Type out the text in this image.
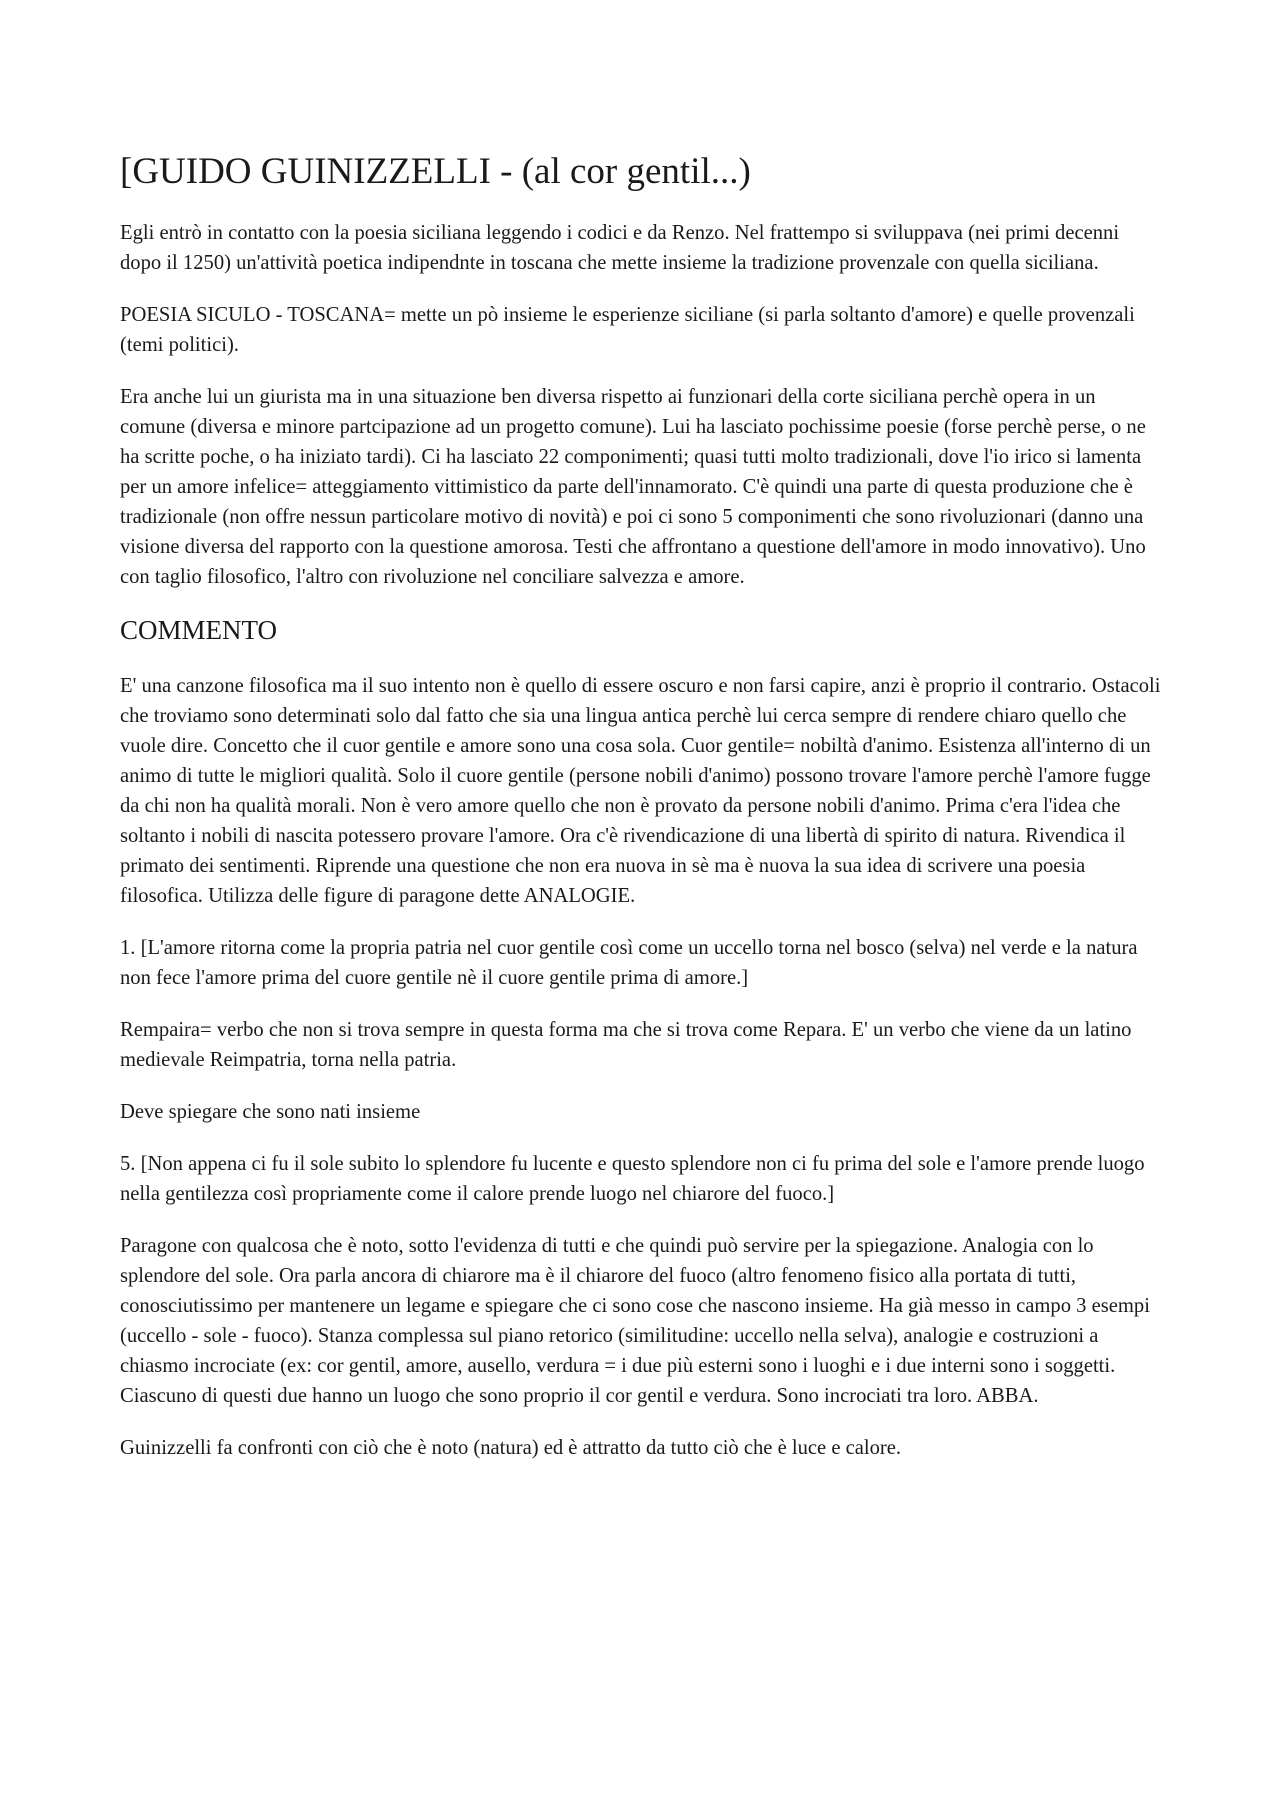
[GUIDO GUINIZZELLI - (al cor gentil...)

Egli entrò in contatto con la poesia siciliana leggendo i codici e da Renzo. Nel frattempo si sviluppava (nei primi decenni dopo il 1250) un'attività poetica indipendnte in toscana che mette insieme la tradizione provenzale con quella siciliana.

POESIA SICULO - TOSCANA= mette un pò insieme le esperienze siciliane (si parla soltanto d'amore) e quelle provenzali (temi politici).

Era anche lui un giurista ma in una situazione ben diversa rispetto ai funzionari della corte siciliana perchè opera in un comune (diversa e minore partcipazione ad un progetto comune). Lui ha lasciato pochissime poesie (forse perchè perse, o ne ha scritte poche, o ha iniziato tardi). Ci ha lasciato 22 componimenti; quasi tutti molto tradizionali, dove l'io irico si lamenta per un amore infelice= atteggiamento vittimistico da parte dell'innamorato. C'è quindi una parte di questa produzione che è tradizionale (non offre nessun particolare motivo di novità) e poi ci sono 5 componimenti che sono rivoluzionari (danno una visione diversa del rapporto con la questione amorosa. Testi che affrontano a questione dell'amore in modo innovativo). Uno con taglio filosofico, l'altro con rivoluzione nel conciliare salvezza e amore.

COMMENTO

E' una canzone filosofica ma il suo intento non è quello di essere oscuro e non farsi capire, anzi è proprio il contrario. Ostacoli che troviamo sono determinati solo dal fatto che sia una lingua antica perchè lui cerca sempre di rendere chiaro quello che vuole dire. Concetto che il cuor gentile e amore sono una cosa sola. Cuor gentile= nobiltà d'animo. Esistenza all'interno di un animo di tutte le migliori qualità. Solo il cuore gentile (persone nobili d'animo) possono trovare l'amore perchè l'amore fugge da chi non ha qualità morali. Non è vero amore quello che non è provato da persone nobili d'animo. Prima c'era l'idea che soltanto i nobili di nascita potessero provare l'amore. Ora c'è rivendicazione di una libertà di spirito di natura. Rivendica il primato dei sentimenti. Riprende una questione che non era nuova in sè ma è nuova la sua idea di scrivere una poesia filosofica. Utilizza delle figure di paragone dette ANALOGIE.

1. [L'amore ritorna come la propria patria nel cuor gentile così come un uccello torna nel bosco (selva) nel verde e la natura non fece l'amore prima del cuore gentile nè il cuore gentile prima di amore.]

Rempaira= verbo che non si trova sempre in questa forma ma che si trova come Repara. E' un verbo che viene da un latino medievale Reimpatria, torna nella patria.

Deve spiegare che sono nati insieme

5. [Non appena ci fu il sole subito lo splendore fu lucente e questo splendore non ci fu prima del sole e l'amore prende luogo nella gentilezza così propriamente come il calore prende luogo nel chiarore del fuoco.]

Paragone con qualcosa che è noto, sotto l'evidenza di tutti e che quindi può servire per la spiegazione. Analogia con lo splendore del sole. Ora parla ancora di chiarore ma è il chiarore del fuoco (altro fenomeno fisico alla portata di tutti, conosciutissimo per mantenere un legame e spiegare che ci sono cose che nascono insieme. Ha già messo in campo 3 esempi (uccello - sole - fuoco). Stanza complessa sul piano retorico (similitudine: uccello nella selva), analogie e costruzioni a chiasmo incrociate (ex: cor gentil, amore, ausello, verdura = i due più esterni sono i luoghi e i due interni sono i soggetti. Ciascuno di questi due hanno un luogo che sono proprio il cor gentil e verdura. Sono incrociati tra loro. ABBA.

Guinizzelli fa confronti con ciò che è noto (natura) ed è attratto da tutto ciò che è luce e calore.
